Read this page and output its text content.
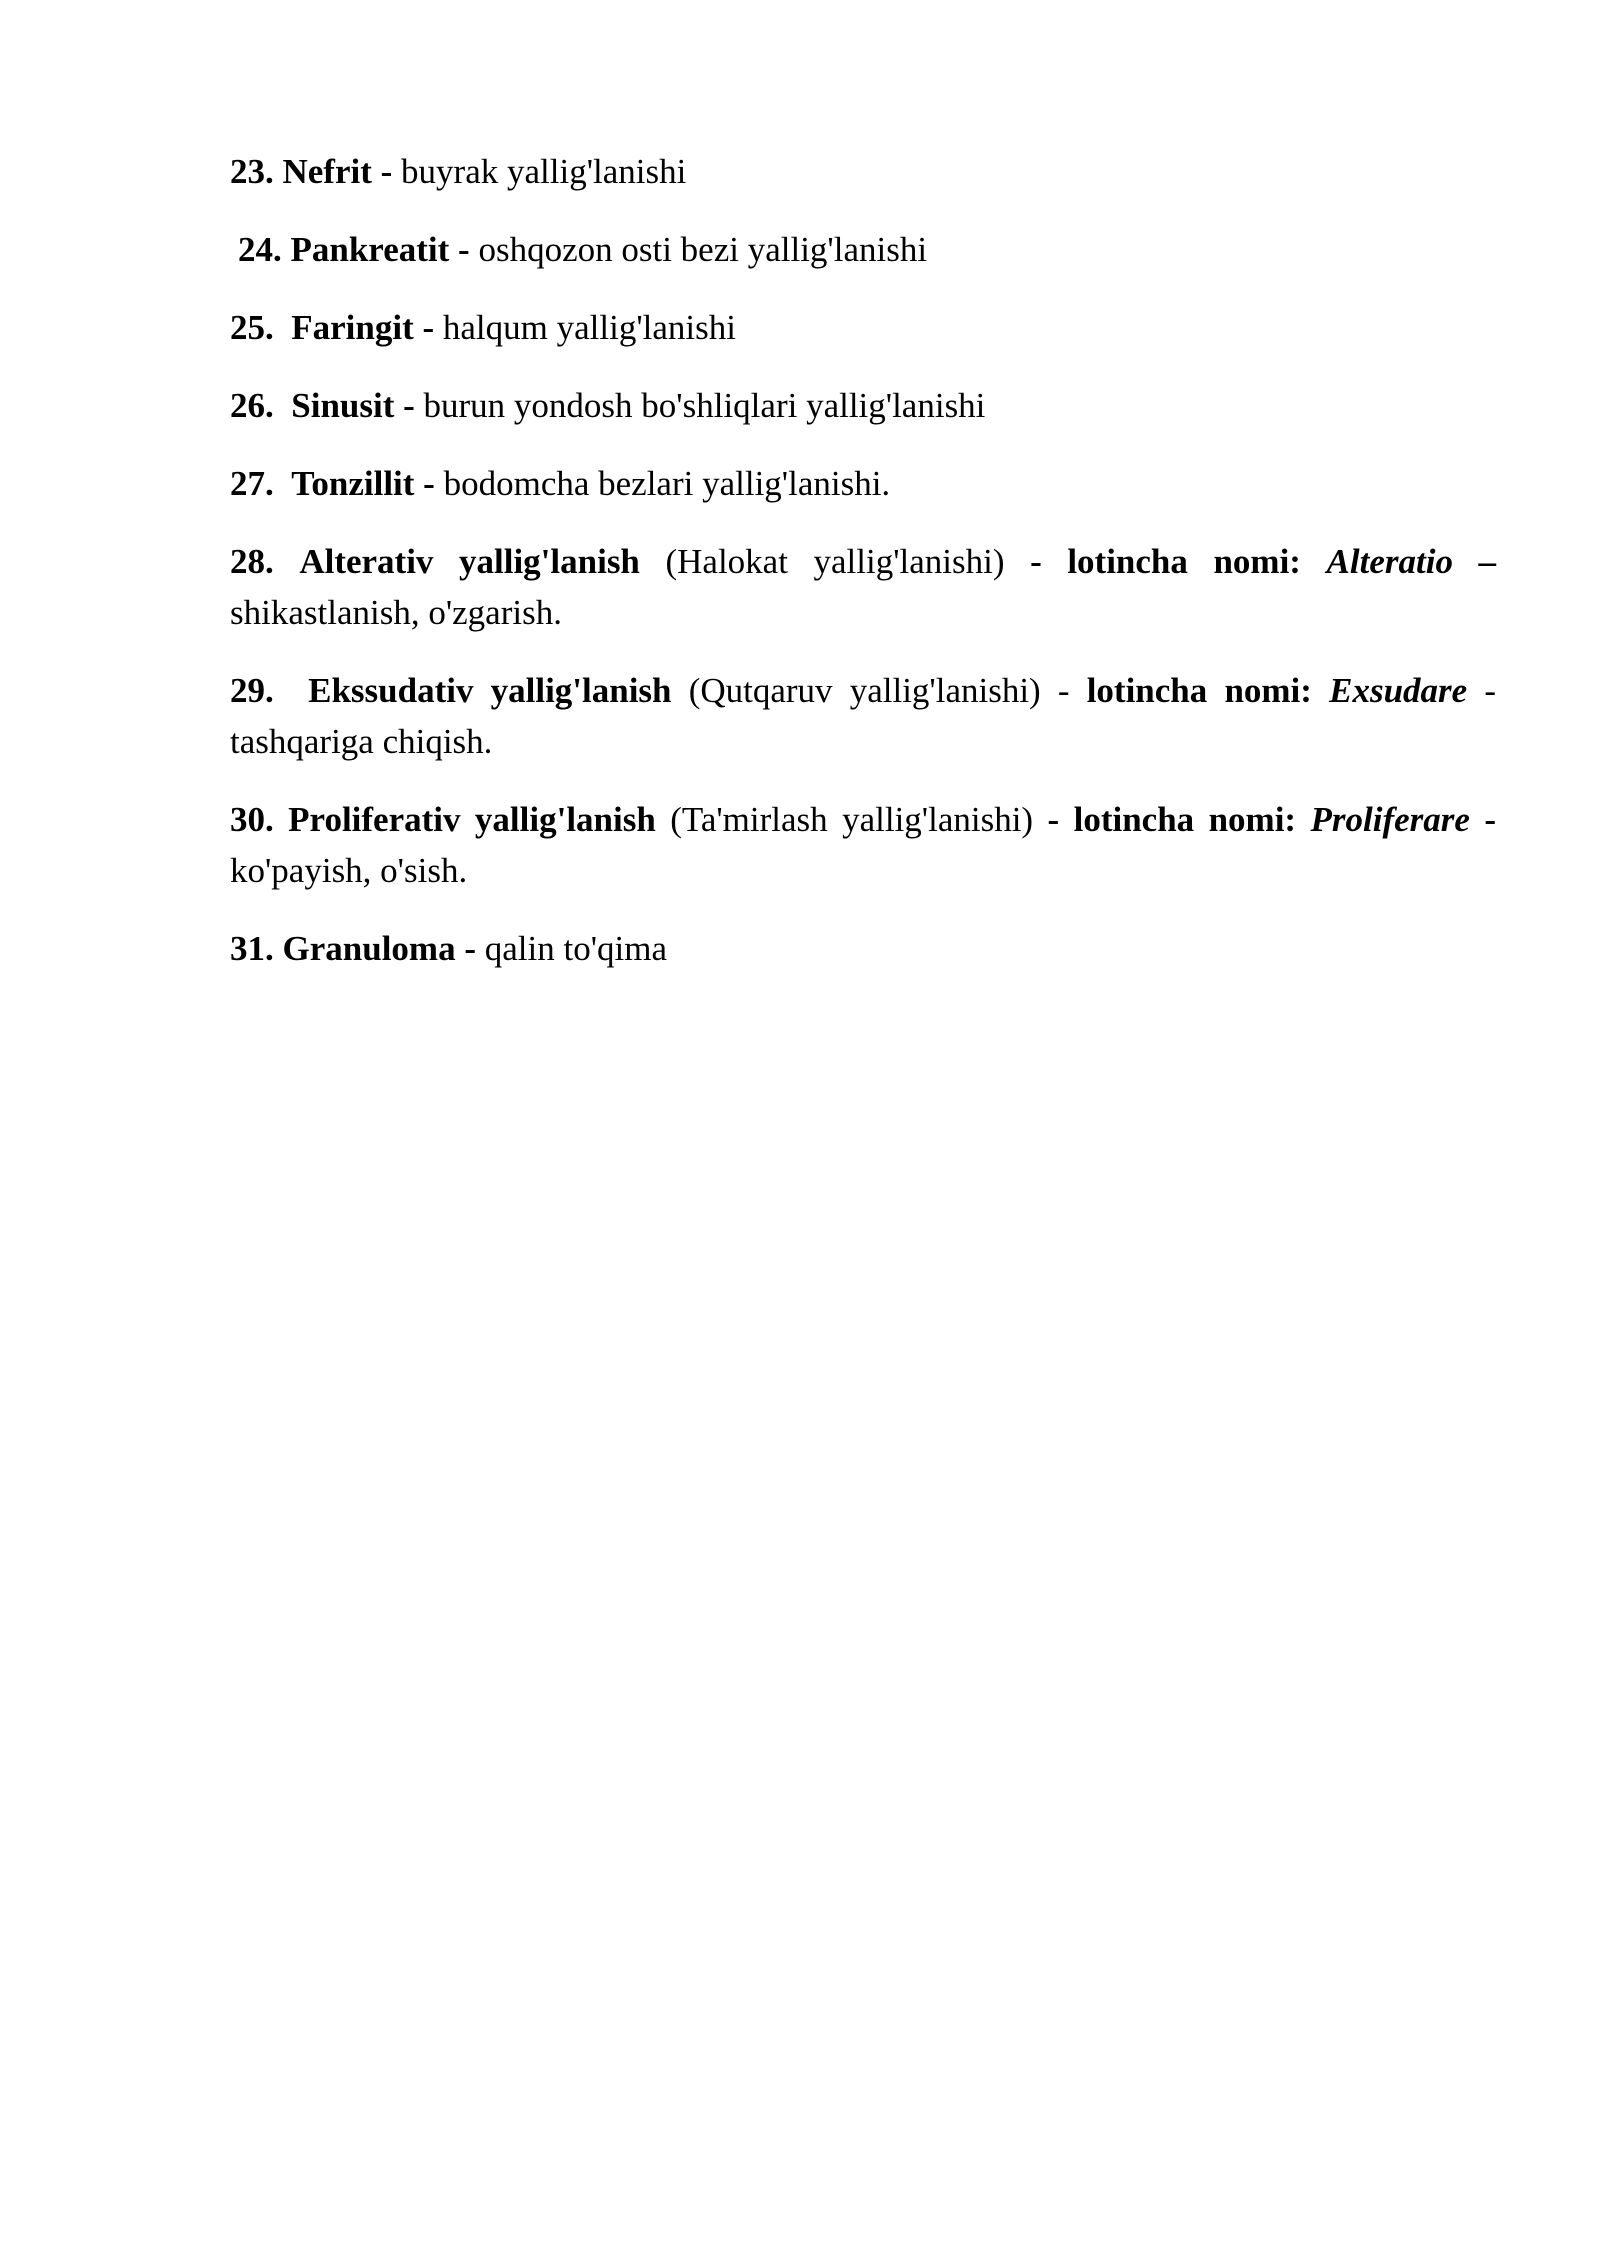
23. Nefrit - buyrak yallig'lanishi

24. Pankreatit - oshqozon osti bezi yallig'lanishi

25. Faringit - halqum yallig'lanishi

26. Sinusit - burun yondosh bo'shliqlari yallig'lanishi

27. Tonzillit - bodomcha bezlari yallig'lanishi.

28. Alterativ yallig'lanish (Halokat yallig'lanishi) - lotincha nomi: Alteratio – shikastlanish, o'zgarish.

29. Ekssudativ yallig'lanish (Qutqaruv yallig'lanishi) - lotincha nomi: Exsudare - tashqariga chiqish.

30. Proliferativ yallig'lanish (Ta'mirlash yallig'lanishi) - lotincha nomi: Proliferare - ko'payish, o'sish.

31. Granuloma - qalin to'qima
